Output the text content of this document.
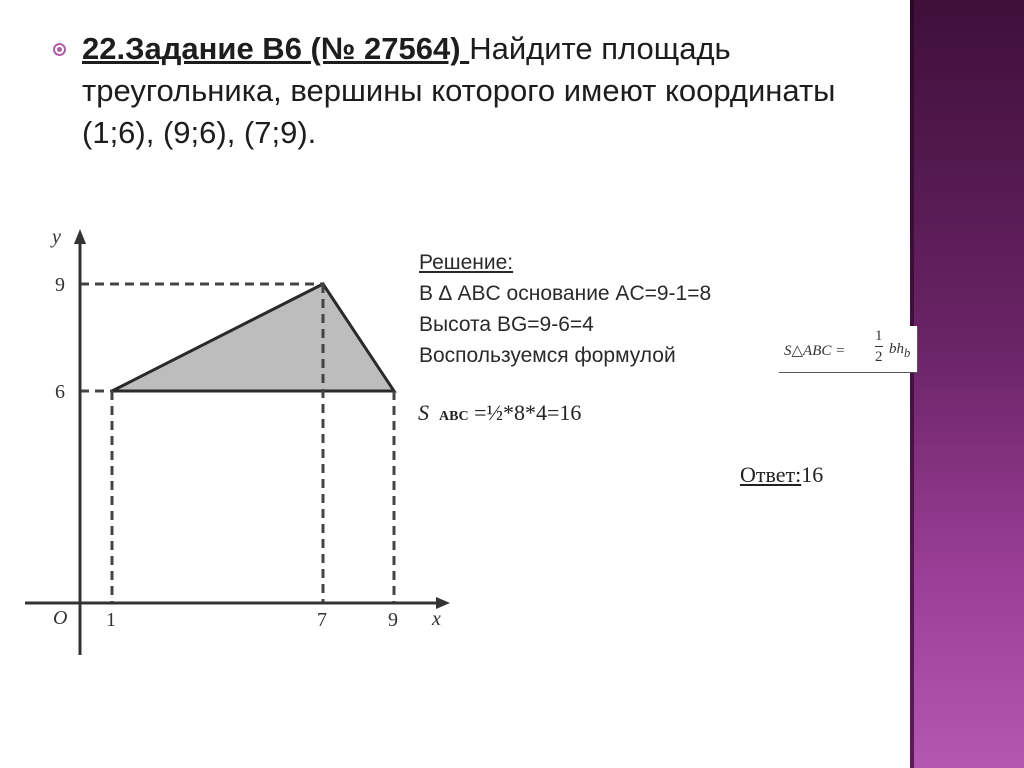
22.Задание B6 (№ 27564) Найдите площадь треугольника, вершины которого имеют координаты (1;6), (9;6), (7;9).
y
x
O
9
6
1	7	9
Решение:
В ∆ ABC основание AC=9-1=8
Высота BG=9-6=4
Воспользуемся формулой	S△ABC =
1
2 $bh_b$
SABC =½*8*4=16
Ответ:16
